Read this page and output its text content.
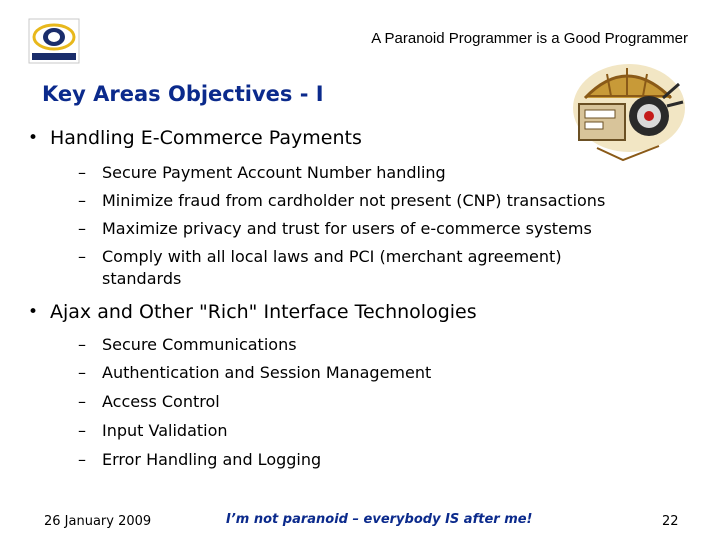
A Paranoid Programmer is a Good Programmer
Key Areas Objectives - I
• Handling E-Commerce Payments
–	Secure Payment Account Number handling
–	Minimize fraud from cardholder not present (CNP) transactions
–	Maximize privacy and trust for users of e-commerce systems
–	Comply with all local laws and PCI (merchant agreement) standards
• Ajax and Other "Rich" Interface Technologies
–	Secure Communications
–	Authentication and Session Management
–	Access Control
–	Input Validation
–	Error Handling and Logging
26 January 2009	I’m not paranoid – everybody IS after me!	22
